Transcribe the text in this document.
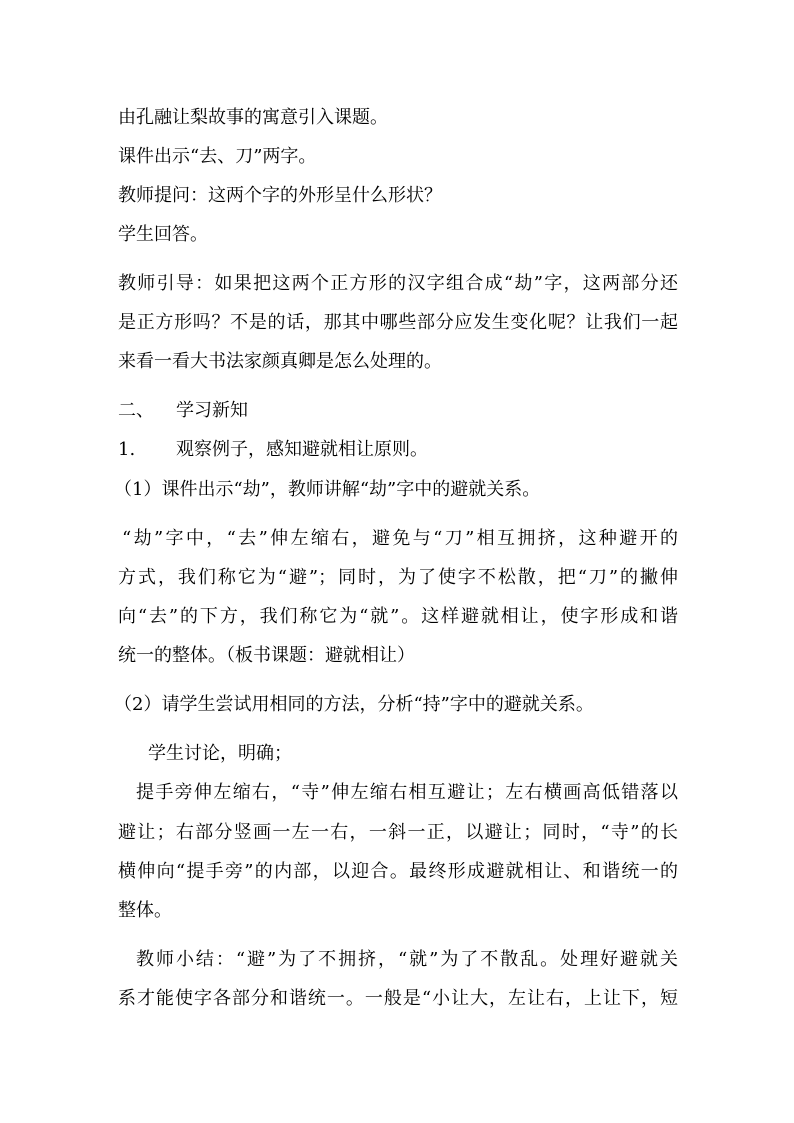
由孔融让梨故事的寓意引入课题。
课件出示“去、刀”两字。
教师提问：这两个字的外形呈什么形状？
学生回答。
教师引导：如果把这两个正方形的汉字组合成“劫”字，这两部分还
是正方形吗？不是的话，那其中哪些部分应发生变化呢？让我们一起
来看一看大书法家颜真卿是怎么处理的。
二、 学习新知
1. 观察例子，感知避就相让原则。
（1）课件出示“劫”，教师讲解“劫”字中的避就关系。
“劫”字中，“去”伸左缩右，避免与“刀”相互拥挤，这种避开的
方式，我们称它为“避”；同时，为了使字不松散，把“刀”的撇伸
向“去”的下方，我们称它为“就”。这样避就相让，使字形成和谐
统一的整体。（板书课题：避就相让）
（2）请学生尝试用相同的方法，分析“持”字中的避就关系。
学生讨论，明确；
提手旁伸左缩右，“寺”伸左缩右相互避让；左右横画高低错落以
避让；右部分竖画一左一右，一斜一正，以避让；同时，“寺”的长
横伸向“提手旁”的内部，以迎合。最终形成避就相让、和谐统一的
整体。
教师小结：“避”为了不拥挤，“就”为了不散乱。处理好避就关
系才能使字各部分和谐统一。一般是“小让大，左让右，上让下，短
